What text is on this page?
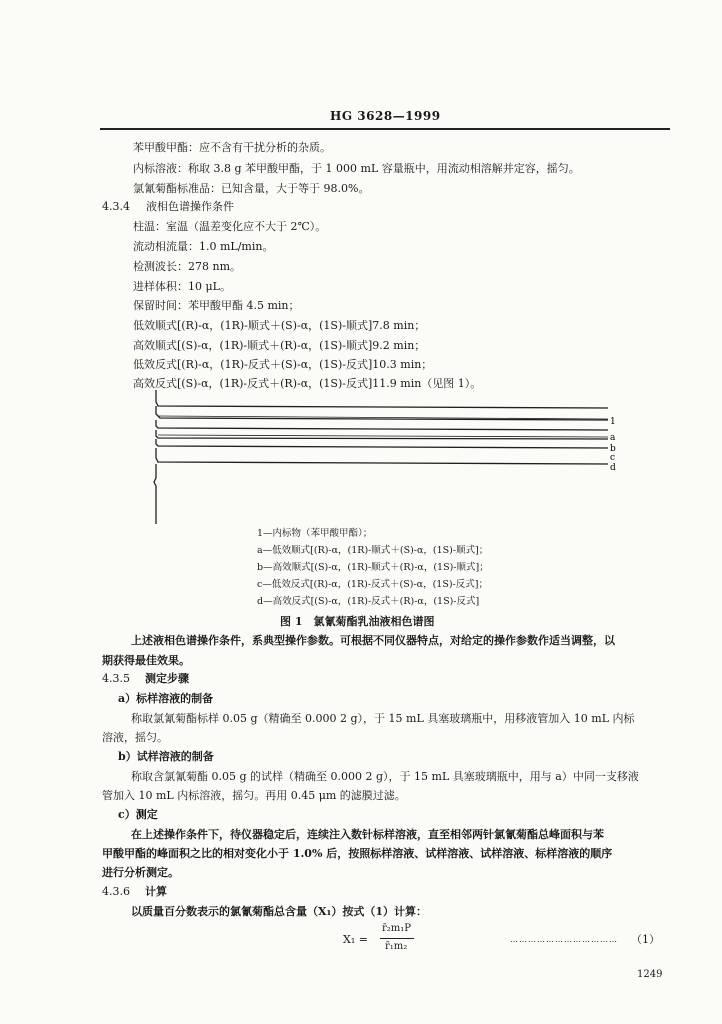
HG 3628—1999
苯甲酸甲酯：应不含有干扰分析的杂质。
内标溶液：称取 3.8 g 苯甲酸甲酯，于 1 000 mL 容量瓶中，用流动相溶解并定容，摇匀。
氯氰菊酯标准品：已知含量，大于等于 98.0%。
4.3.4 液相色谱操作条件
柱温：室温（温差变化应不大于 2℃）。
流动相流量：1.0 mL/min。
检测波长：278 nm。
进样体积：10 μL。
保留时间：苯甲酸甲酯 4.5 min；
低效顺式[(R)-α，(1R)-顺式＋(S)-α，(1S)-顺式]7.8 min；
高效顺式[(S)-α，(1R)-顺式＋(R)-α，(1S)-顺式]9.2 min；
低效反式[(R)-α，(1R)-反式＋(S)-α，(1S)-反式]10.3 min；
高效反式[(S)-α，(1R)-反式＋(R)-α，(1S)-反式]11.9 min（见图 1）。
1
a
b
c
d
1—内标物（苯甲酸甲酯）；
a—低效顺式[(R)-α，(1R)-顺式＋(S)-α，(1S)-顺式]；
b—高效顺式[(S)-α，(1R)-顺式＋(R)-α，(1S)-顺式]；
c—低效反式[(R)-α，(1R)-反式＋(S)-α，(1S)-反式]；
d—高效反式[(S)-α，(1R)-反式＋(R)-α，(1S)-反式]
图 1　氯氰菊酯乳油液相色谱图
上述液相色谱操作条件，系典型操作参数。可根据不同仪器特点，对给定的操作参数作适当调整，以
期获得最佳效果。
4.3.5 测定步骤
a）标样溶液的制备
称取氯氰菊酯标样 0.05 g（精确至 0.000 2 g），于 15 mL 具塞玻璃瓶中，用移液管加入 10 mL 内标
溶液，摇匀。
b）试样溶液的制备
称取含氯氰菊酯 0.05 g 的试样（精确至 0.000 2 g），于 15 mL 具塞玻璃瓶中，用与 a）中同一支移液
管加入 10 mL 内标溶液，摇匀。再用 0.45 μm 的滤膜过滤。
c）测定
在上述操作条件下，待仪器稳定后，连续注入数针标样溶液，直至相邻两针氯氰菊酯总峰面积与苯
甲酸甲酯的峰面积之比的相对变化小于 1.0% 后，按照标样溶液、试样溶液、试样溶液、标样溶液的顺序
进行分析测定。
4.3.6 计算
以质量百分数表示的氯氰菊酯总含量（X₁）按式（1）计算：
X₁ =
r̄₂m₁P
r̄₁m₂
……………………………… （1）
1249
